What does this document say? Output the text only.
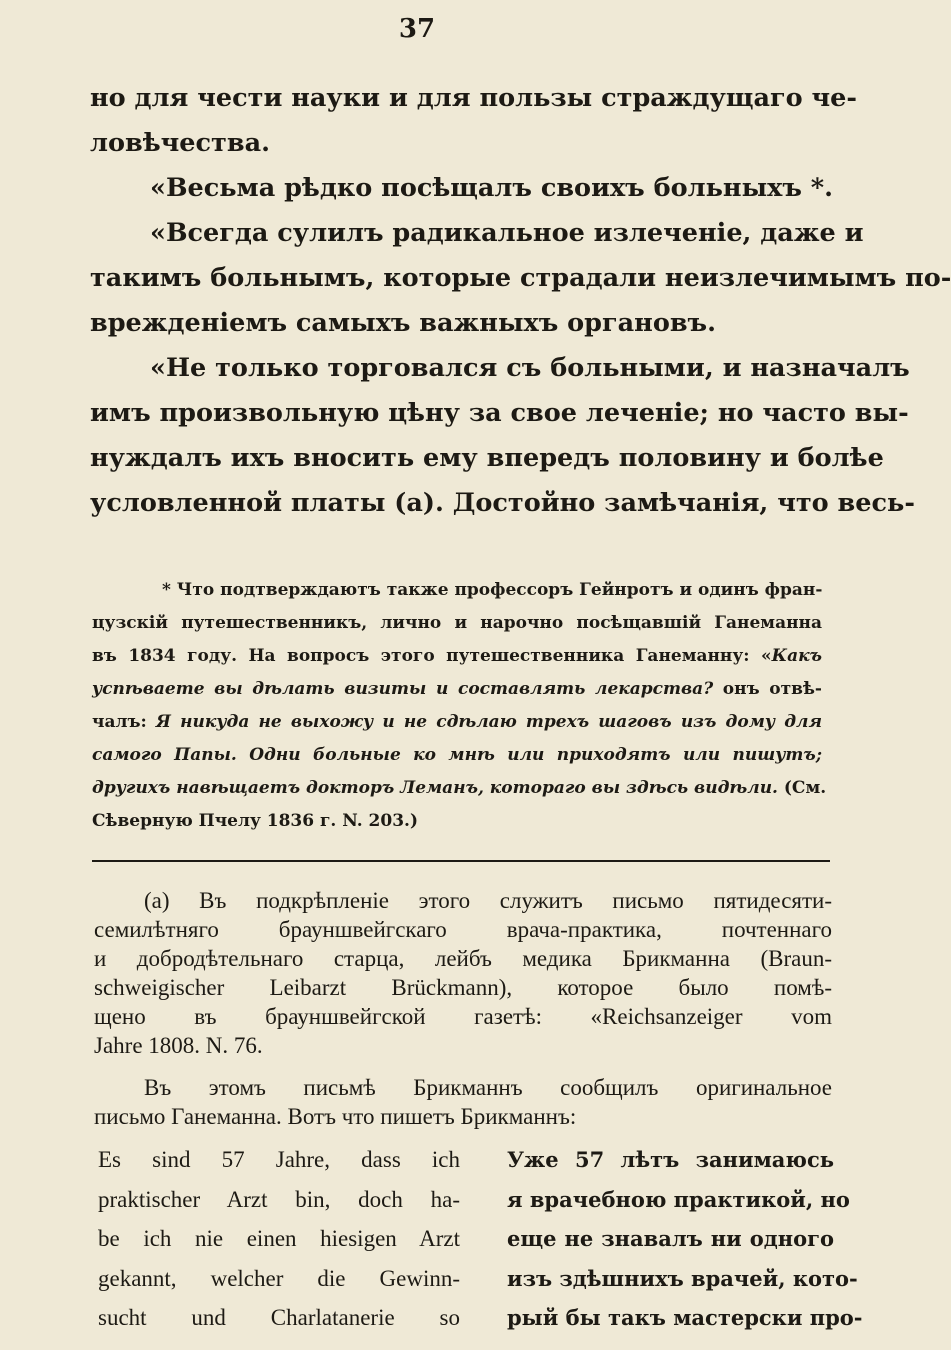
37
но для чести науки и для пользы страждущаго че-
ловѣчества.
«Весьма рѣдко посѣщалъ своихъ больныхъ *.
«Всегда сулилъ радикальное излеченіе, даже и
такимъ больнымъ, которые страдали неизлечимымъ по-
врежденіемъ самыхъ важныхъ органовъ.
«Не только торговался съ больными, и назначалъ
имъ произвольную цѣну за свое леченіе; но часто вы-
нуждалъ ихъ вносить ему впередъ половину и болѣе
условленной платы (а). Достойно замѣчанія, что весь-
* Что подтверждаютъ также профессоръ Гейнротъ и одинъ фран-
цузскій путешественникъ, лично и нарочно посѣщавшій Ганеманна
въ 1834 году. На вопросъ этого путешественника Ганеманну: «Какъ
успѣваете вы дѣлать визиты и составлять лекарства? онъ отвѣ-
чалъ: Я никуда не выхожу и не сдѣлаю трехъ шаговъ изъ дому для
самого Папы. Одни больные ко мнѣ или приходятъ или пишутъ;
другихъ навѣщаетъ докторъ Леманъ, котораго вы здѣсь видѣли. (См.
Сѣверную Пчелу 1836 г. N. 203.)
(а) Въ подкрѣпленіе этого служитъ письмо пятидесяти-
семилѣтняго брауншвейгскаго врача-практика, почтеннаго
и добродѣтельнаго старца, лейбъ медика Брикманна (Braun-
schweigischer Leibarzt Brückmann), которое было помѣ-
щено въ брауншвейгской газетѣ: «Reichsanzeiger vom
Jahre 1808. N. 76.
Въ этомъ письмѣ Брикманнъ сообщилъ оригинальное
письмо Ганеманна. Вотъ что пишетъ Брикманнъ:
Es sind 57 Jahre, dass ich
praktischer Arzt bin, doch ha-
be ich nie einen hiesigen Arzt
gekannt, welcher die Gewinn-
sucht und Charlatanerie so
Уже 57 лѣтъ занимаюсь
я врачебною практикой, но
еще не знавалъ ни одного
изъ здѣшнихъ врачей, кото-
рый бы такъ мастерски про-
